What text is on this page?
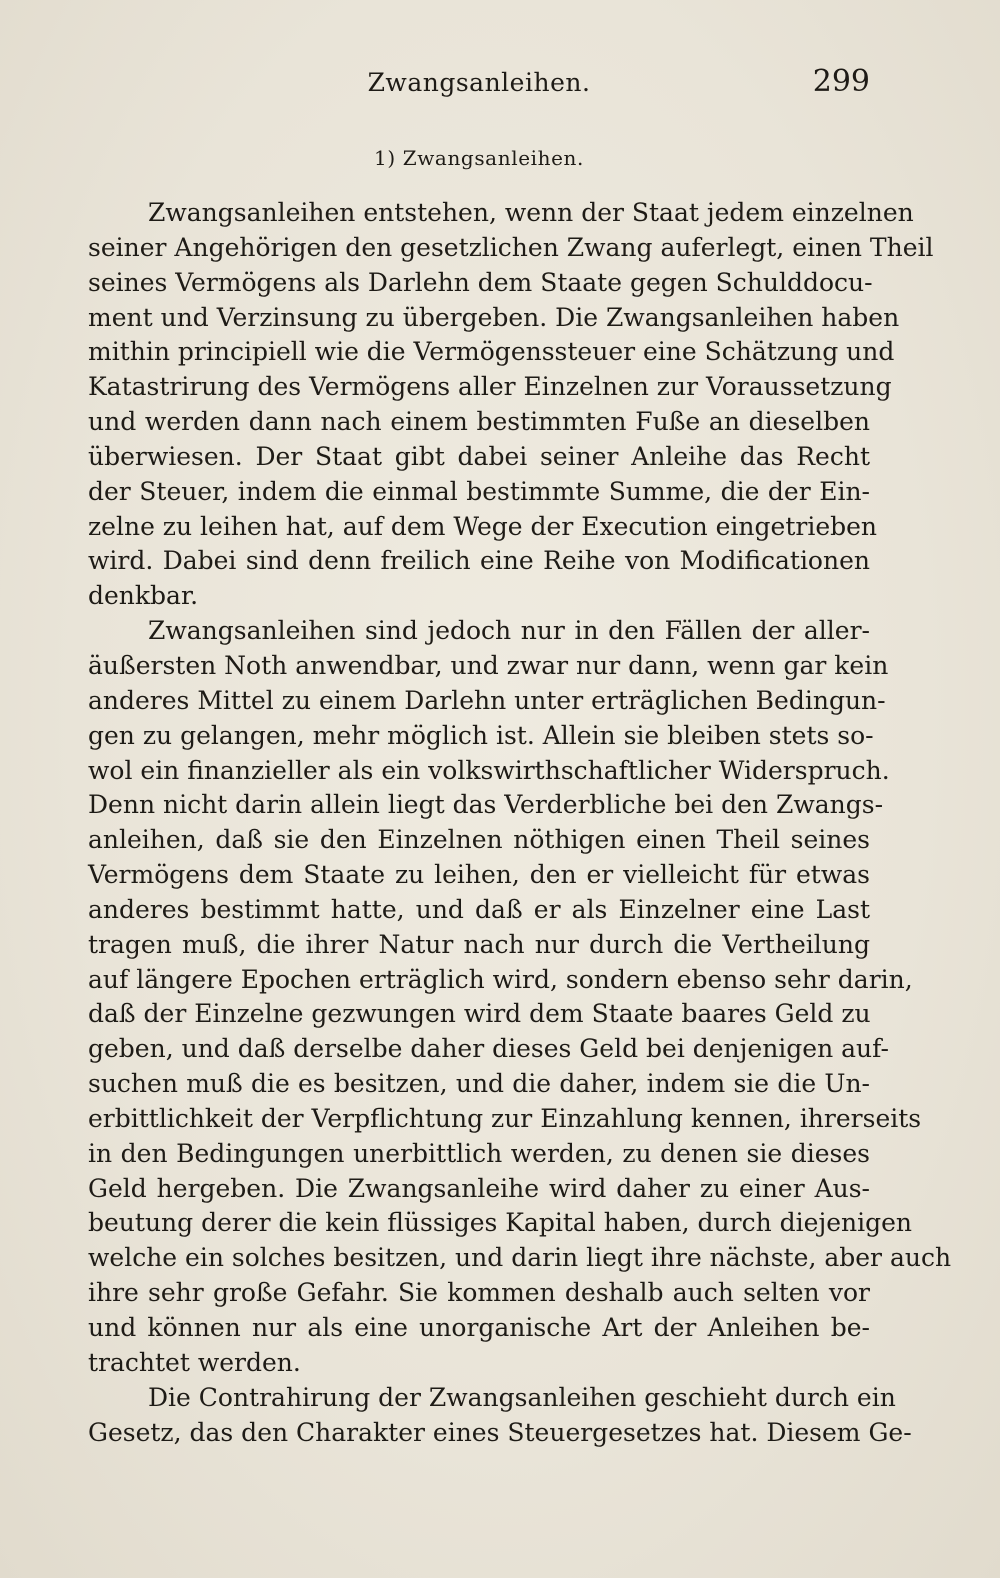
Zwangsanleihen.	299
1) Zwangsanleihen.
Zwangsanleihen entstehen, wenn der Staat jedem einzelnen
seiner Angehörigen den gesetzlichen Zwang auferlegt, einen Theil
seines Vermögens als Darlehn dem Staate gegen Schulddocu-
ment und Verzinsung zu übergeben. Die Zwangsanleihen haben
mithin principiell wie die Vermögenssteuer eine Schätzung und
Katastrirung des Vermögens aller Einzelnen zur Voraussetzung
und werden dann nach einem bestimmten Fuße an dieselben
überwiesen. Der Staat gibt dabei seiner Anleihe das Recht
der Steuer, indem die einmal bestimmte Summe, die der Ein-
zelne zu leihen hat, auf dem Wege der Execution eingetrieben
wird. Dabei sind denn freilich eine Reihe von Modificationen
denkbar.
Zwangsanleihen sind jedoch nur in den Fällen der aller-
äußersten Noth anwendbar, und zwar nur dann, wenn gar kein
anderes Mittel zu einem Darlehn unter erträglichen Bedingun-
gen zu gelangen, mehr möglich ist. Allein sie bleiben stets so-
wol ein finanzieller als ein volkswirthschaftlicher Widerspruch.
Denn nicht darin allein liegt das Verderbliche bei den Zwangs-
anleihen, daß sie den Einzelnen nöthigen einen Theil seines
Vermögens dem Staate zu leihen, den er vielleicht für etwas
anderes bestimmt hatte, und daß er als Einzelner eine Last
tragen muß, die ihrer Natur nach nur durch die Vertheilung
auf längere Epochen erträglich wird, sondern ebenso sehr darin,
daß der Einzelne gezwungen wird dem Staate baares Geld zu
geben, und daß derselbe daher dieses Geld bei denjenigen auf-
suchen muß die es besitzen, und die daher, indem sie die Un-
erbittlichkeit der Verpflichtung zur Einzahlung kennen, ihrerseits
in den Bedingungen unerbittlich werden, zu denen sie dieses
Geld hergeben. Die Zwangsanleihe wird daher zu einer Aus-
beutung derer die kein flüssiges Kapital haben, durch diejenigen
welche ein solches besitzen, und darin liegt ihre nächste, aber auch
ihre sehr große Gefahr. Sie kommen deshalb auch selten vor
und können nur als eine unorganische Art der Anleihen be-
trachtet werden.
Die Contrahirung der Zwangsanleihen geschieht durch ein
Gesetz, das den Charakter eines Steuergesetzes hat. Diesem Ge-
